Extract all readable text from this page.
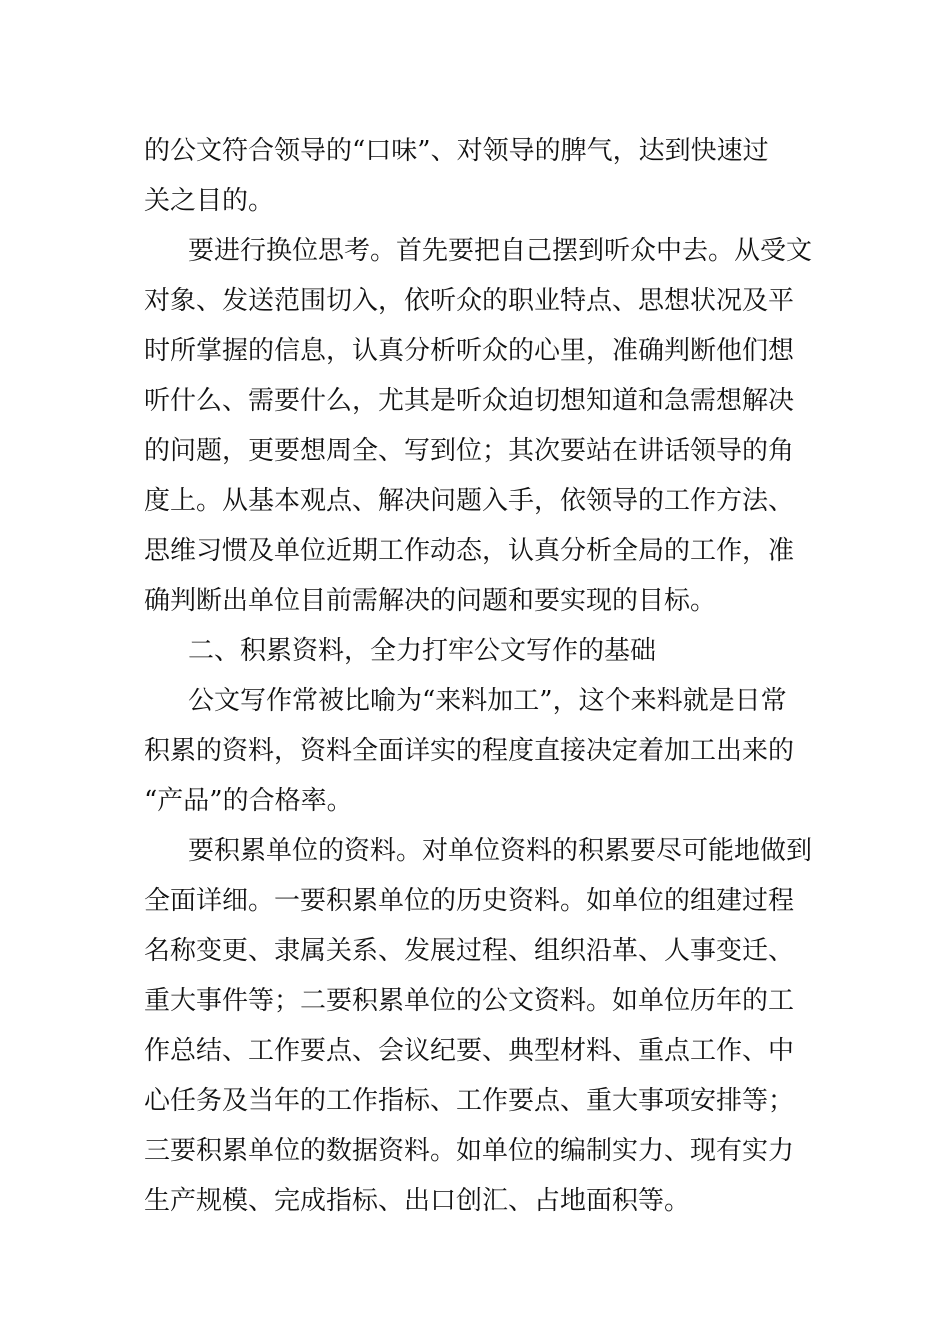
的公文符合领导的“口味”、对领导的脾气，达到快速过
关之目的。
要进行换位思考。首先要把自己摆到听众中去。从受文
对象、发送范围切入，依听众的职业特点、思想状况及平
时所掌握的信息，认真分析听众的心里，准确判断他们想
听什么、需要什么，尤其是听众迫切想知道和急需想解决
的问题，更要想周全、写到位；其次要站在讲话领导的角
度上。从基本观点、解决问题入手，依领导的工作方法、
思维习惯及单位近期工作动态，认真分析全局的工作，准
确判断出单位目前需解决的问题和要实现的目标。
二、积累资料，全力打牢公文写作的基础
公文写作常被比喻为“来料加工”，这个来料就是日常
积累的资料，资料全面详实的程度直接决定着加工出来的
“产品”的合格率。
要积累单位的资料。对单位资料的积累要尽可能地做到
全面详细。一要积累单位的历史资料。如单位的组建过程
名称变更、隶属关系、发展过程、组织沿革、人事变迁、
重大事件等；二要积累单位的公文资料。如单位历年的工
作总结、工作要点、会议纪要、典型材料、重点工作、中
心任务及当年的工作指标、工作要点、重大事项安排等；
三要积累单位的数据资料。如单位的编制实力、现有实力
生产规模、完成指标、出口创汇、占地面积等。
